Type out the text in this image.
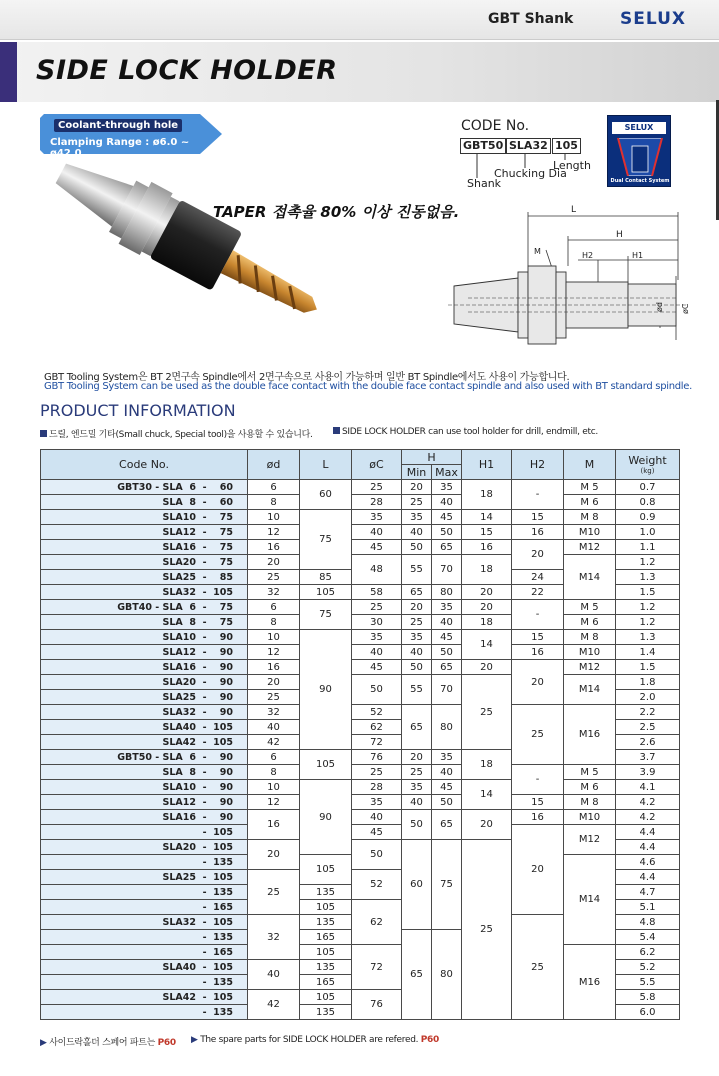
GBT Shank	SELUX
SIDE LOCK HOLDER
Coolant-through hole
Clamping Range : ø6.0 ~ ø42.0
CODE No.
GBT50 SLA32 105
Shank
Chucking Dia
Length
SELUX
Dual Contact System
TAPER 접촉율 80% 이상 진동없음.	L
H
H2	H1
M
ød øC
GBT Tooling System은 BT 2면구속 Spindle에서 2면구속으로 사용이 가능하며 일반 BT Spindle에서도 사용이 가능합니다.
GBT Tooling System can be used as the double face contact with the double face contact spindle and also used with BT standard spindle.
PRODUCT INFORMATION
드릴, 엔드밀 기타(Small chuck, Special tool)을 사용할 수 있습니다.	SIDE LOCK HOLDER can use tool holder for drill, endmill, etc.
Code No.	ød	L	øC	H		H1	H2	M	Weight
(kg)

				Min	Max				
GBT30 - SLA  6  -    60	6	60	25	20	35	18	-	M 5	0.7
SLA  8  -    60	8		28	25	40			M 6	0.8
SLA10  -    75	10	75	35	35	45	14	15	M 8	0.9
SLA12  -    75	12		40	40	50	15	16	M10	1.0
SLA16  -    75	16		45	50	65	16	20	M12	1.1
SLA20  -    75	20		48	55	70	18		M14	1.2
SLA25  -    85	25	85					24		1.3
SLA32  -  105	32	105	58	65	80	20	22		1.5
GBT40 - SLA  6  -    75	6	75	25	20	35	20	-	M 5	1.2
SLA  8  -    75	8		30	25	40	18		M 6	1.2
SLA10  -    90	10	90	35	35	45	14	15	M 8	1.3
SLA12  -    90	12		40	40	50		16	M10	1.4
SLA16  -    90	16		45	50	65	20	20	M12	1.5
SLA20  -    90	20		50	55	70	25		M14	1.8
SLA25  -    90	25								2.0
SLA32  -    90	32		52	65	80		25	M16	2.2
SLA40  -  105	40		62						2.5
SLA42  -  105	42		72						2.6
GBT50 - SLA  6  -    90	6	105	76	20	35	18			3.7
SLA  8  -    90	8		25	25	40		-	M 5	3.9
SLA10  -    90	10	90	28	35	45	14		M 6	4.1
SLA12  -    90	12		35	40	50		15	M 8	4.2
SLA16  -    90	16		40	50	65	20	16	M10	4.2
-  105			45				20	M12	4.4
SLA20  -  105	20		50	60	75	25			4.4
-  135		105						M14	4.6
SLA25  -  105	25		52						4.4
-  135		135							4.7
-  165		105	62						5.1
SLA32  -  105	32	135					25		4.8
-  135		165		65	80				5.4
-  165		105	72					M16	6.2
SLA40  -  105	40	135							5.2
-  135		165							5.5
SLA42  -  105	42	105	76						5.8
-  135		135							6.0
▶ 사이드락홀더 스페어 파트는 P60 ▶ The spare parts for SIDE LOCK HOLDER are refered. P60
